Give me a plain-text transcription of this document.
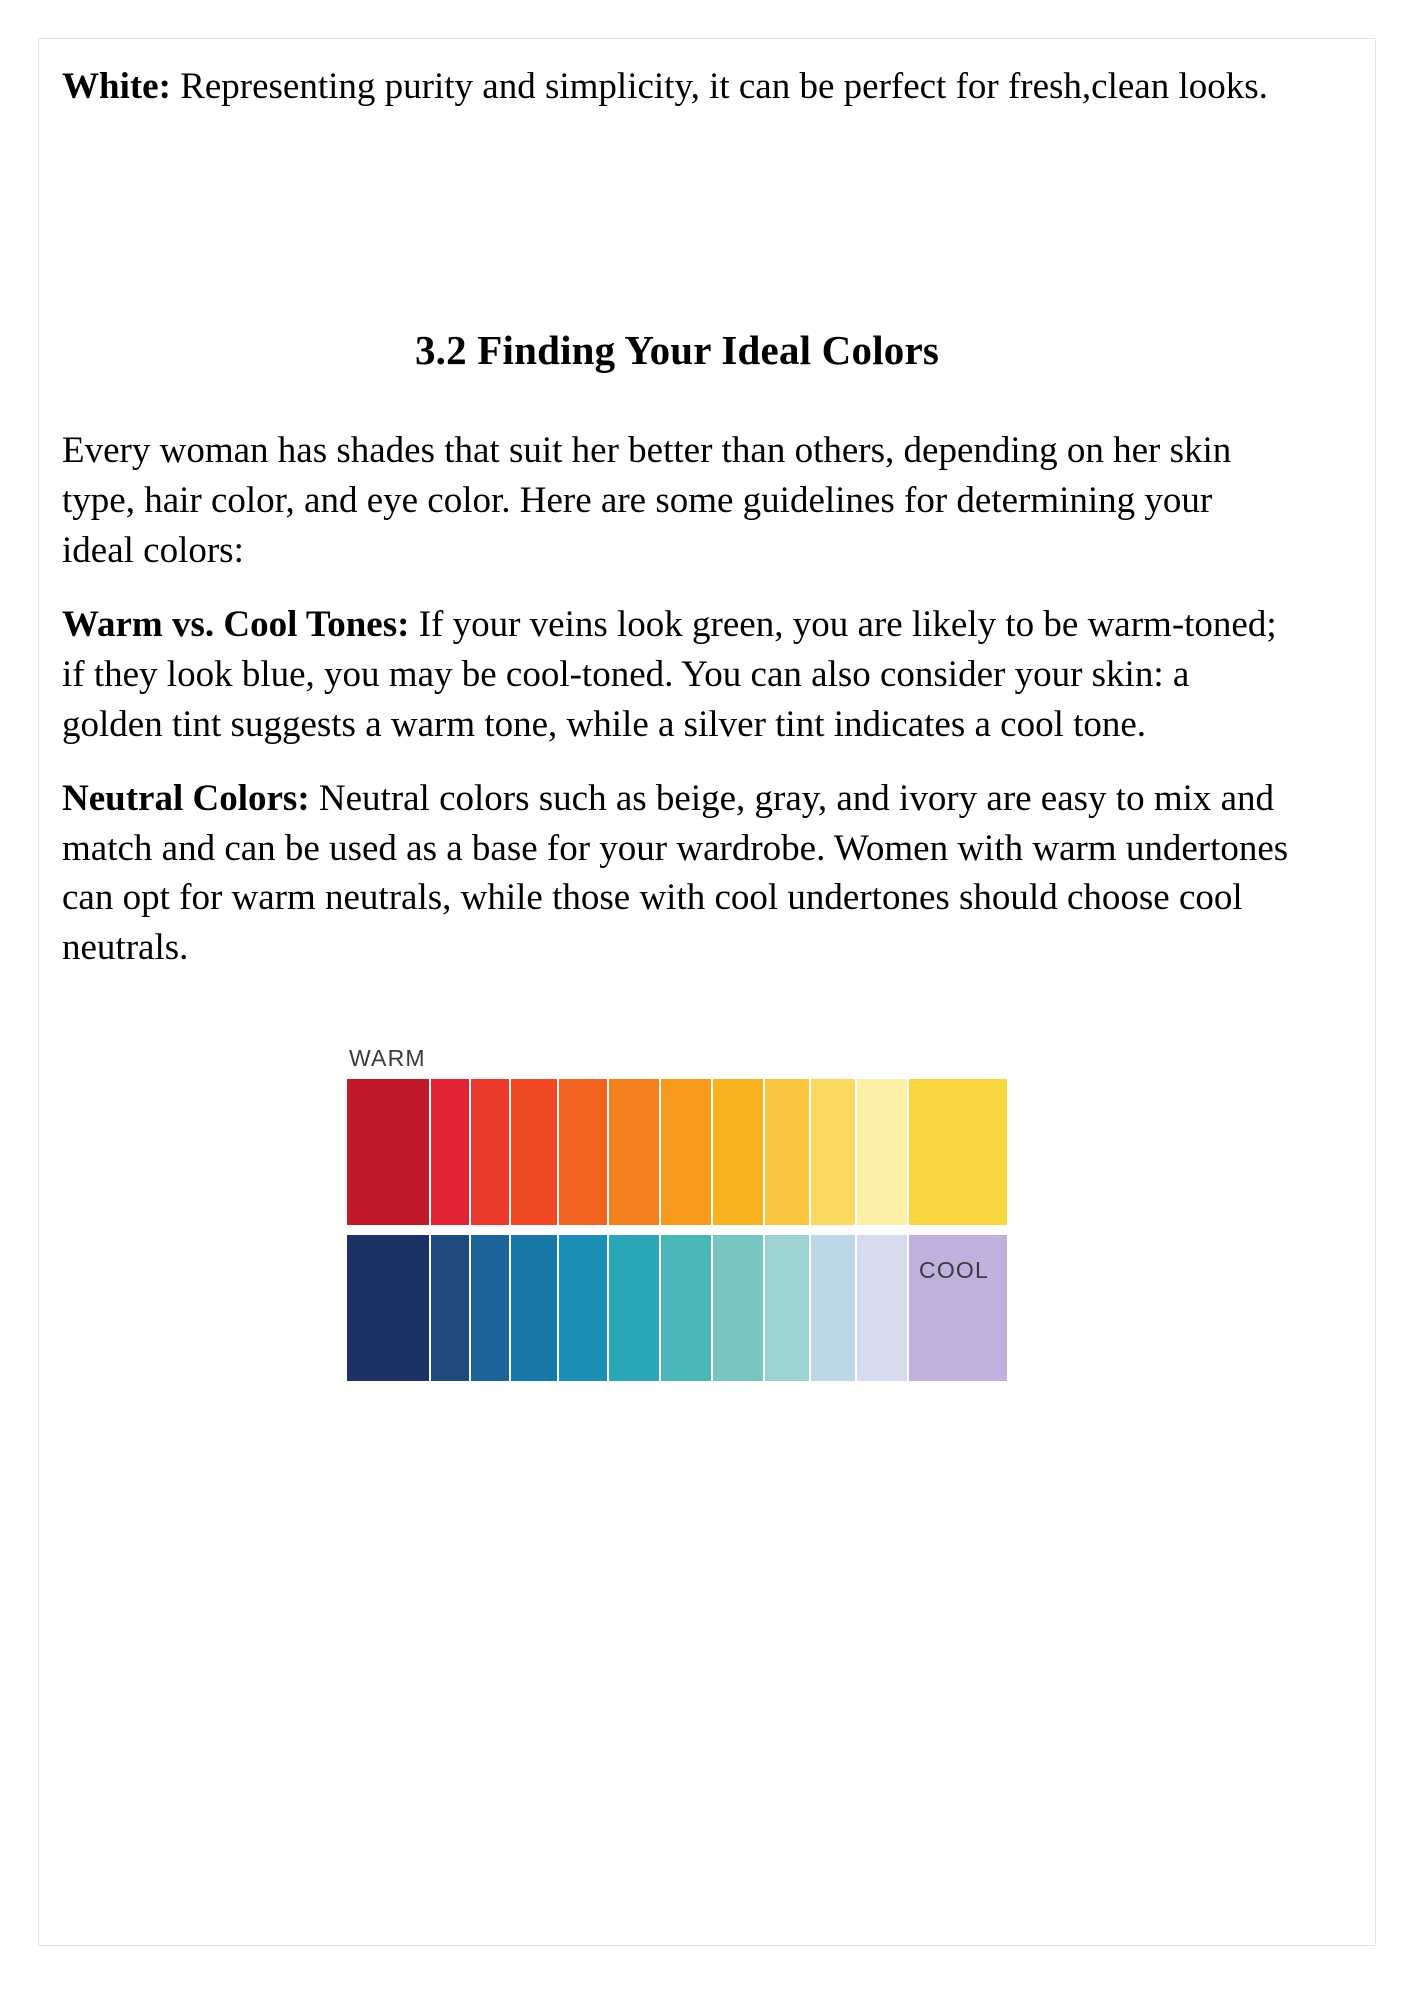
White: Representing purity and simplicity, it can be perfect for fresh,clean looks.

3.2 Finding Your Ideal Colors

Every woman has shades that suit her better than others, depending on her skin type, hair color, and eye color. Here are some guidelines for determining your ideal colors:

Warm vs. Cool Tones: If your veins look green, you are likely to be warm-toned; if they look blue, you may be cool-toned. You can also consider your skin: a golden tint suggests a warm tone, while a silver tint indicates a cool tone.

Neutral Colors: Neutral colors such as beige, gray, and ivory are easy to mix and match and can be used as a base for your wardrobe. Women with warm undertones can opt for warm neutrals, while those with cool undertones should choose cool neutrals.

WARM
COOL
